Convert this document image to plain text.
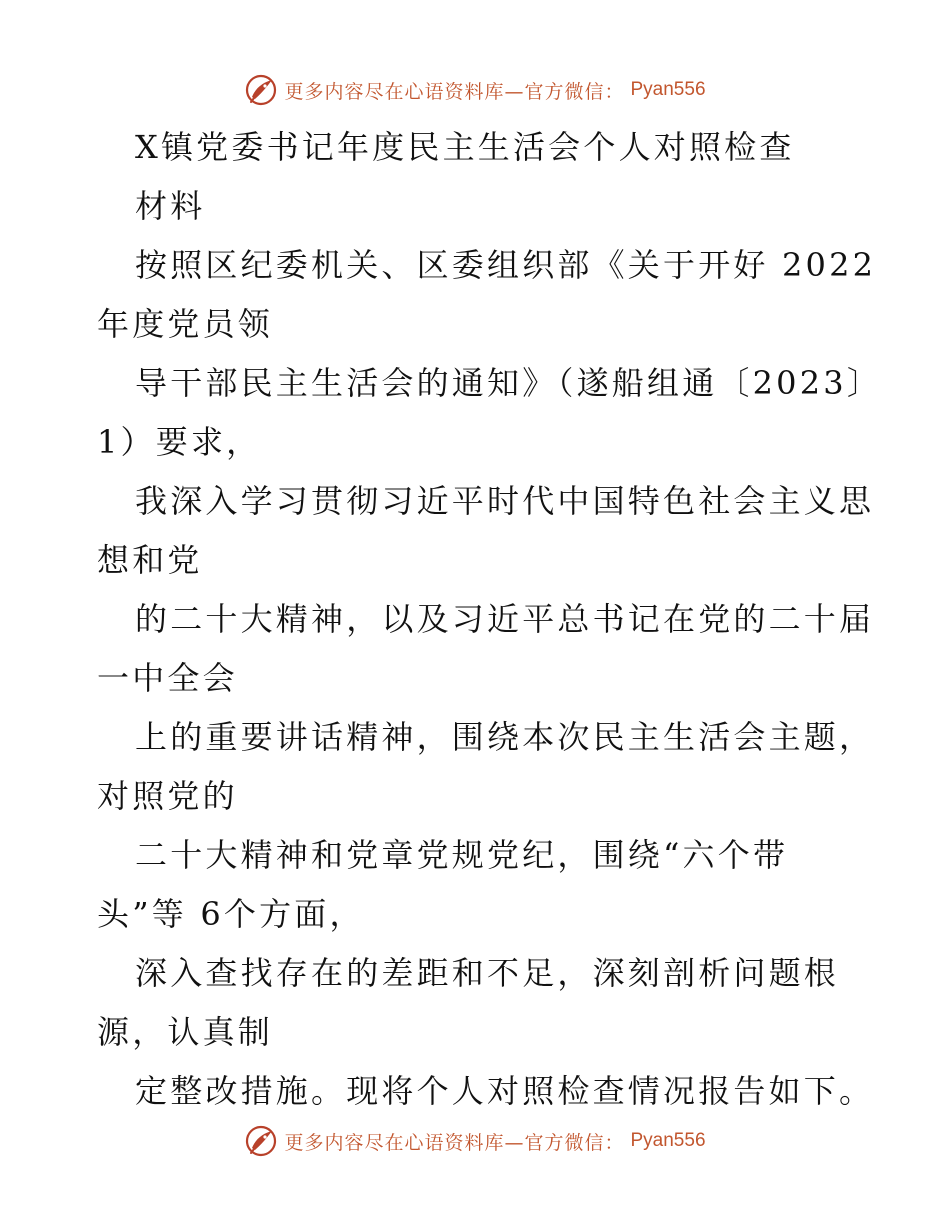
更多内容尽在心语资料库—官方微信： Pyan556
X镇党委书记年度民主生活会个人对照检查
材料
按照区纪委机关、区委组织部《关于开好 2022
年度党员领
导干部民主生活会的通知》（遂船组通〔2023〕
1）要求，
我深入学习贯彻习近平时代中国特色社会主义思
想和党
的二十大精神，以及习近平总书记在党的二十届
一中全会
上的重要讲话精神，围绕本次民主生活会主题，
对照党的
二十大精神和党章党规党纪，围绕“六个带
头”等 6个方面，
深入查找存在的差距和不足，深刻剖析问题根
源，认真制
定整改措施。现将个人对照检查情况报告如下。
更多内容尽在心语资料库—官方微信： Pyan556
